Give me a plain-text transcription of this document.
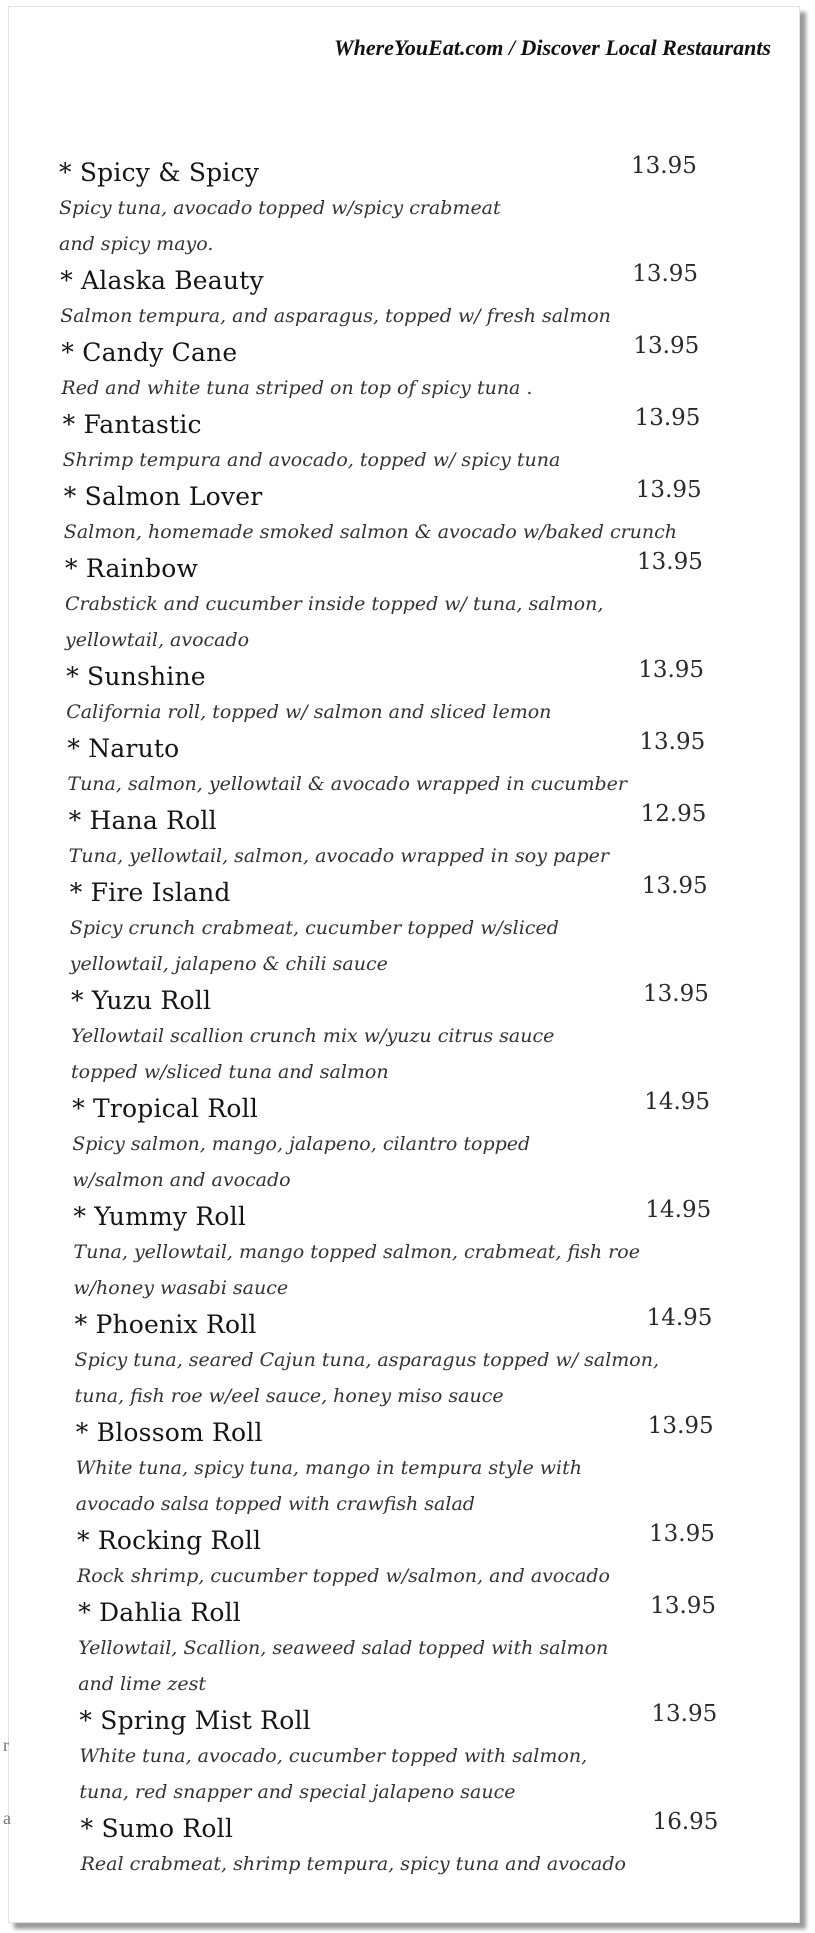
WhereYouEat.com / Discover Local Restaurants
* Spicy & Spicy	13.95
Spicy tuna, avocado topped w/spicy crabmeat
and spicy mayo.
* Alaska Beauty	13.95
Salmon tempura, and asparagus, topped w/ fresh salmon
* Candy Cane	13.95
Red and white tuna striped on top of spicy tuna .
* Fantastic	13.95
Shrimp tempura and avocado, topped w/ spicy tuna
* Salmon Lover	13.95
Salmon, homemade smoked salmon & avocado w/baked crunch
* Rainbow	13.95
Crabstick and cucumber inside topped w/ tuna, salmon,
yellowtail, avocado
* Sunshine	13.95
California roll, topped w/ salmon and sliced lemon
* Naruto	13.95
Tuna, salmon, yellowtail & avocado wrapped in cucumber
* Hana Roll	12.95
Tuna, yellowtail, salmon, avocado wrapped in soy paper
* Fire Island	13.95
Spicy crunch crabmeat, cucumber topped w/sliced
yellowtail, jalapeno & chili sauce
* Yuzu Roll	13.95
Yellowtail scallion crunch mix w/yuzu citrus sauce
topped w/sliced tuna and salmon
* Tropical Roll	14.95
Spicy salmon, mango, jalapeno, cilantro topped
w/salmon and avocado
* Yummy Roll	14.95
Tuna, yellowtail, mango topped salmon, crabmeat, fish roe
w/honey wasabi sauce
* Phoenix Roll	14.95
Spicy tuna, seared Cajun tuna, asparagus topped w/ salmon,
tuna, fish roe w/eel sauce, honey miso sauce
* Blossom Roll	13.95
White tuna, spicy tuna, mango in tempura style with
avocado salsa topped with crawfish salad
* Rocking Roll	13.95
Rock shrimp, cucumber topped w/salmon, and avocado
* Dahlia Roll	13.95
Yellowtail, Scallion, seaweed salad topped with salmon
and lime zest
* Spring Mist Roll	13.95
White tuna, avocado, cucumber topped with salmon,
tuna, red snapper and special jalapeno sauce
* Sumo Roll	16.95
Real crabmeat, shrimp tempura, spicy tuna and avocado
r
a
